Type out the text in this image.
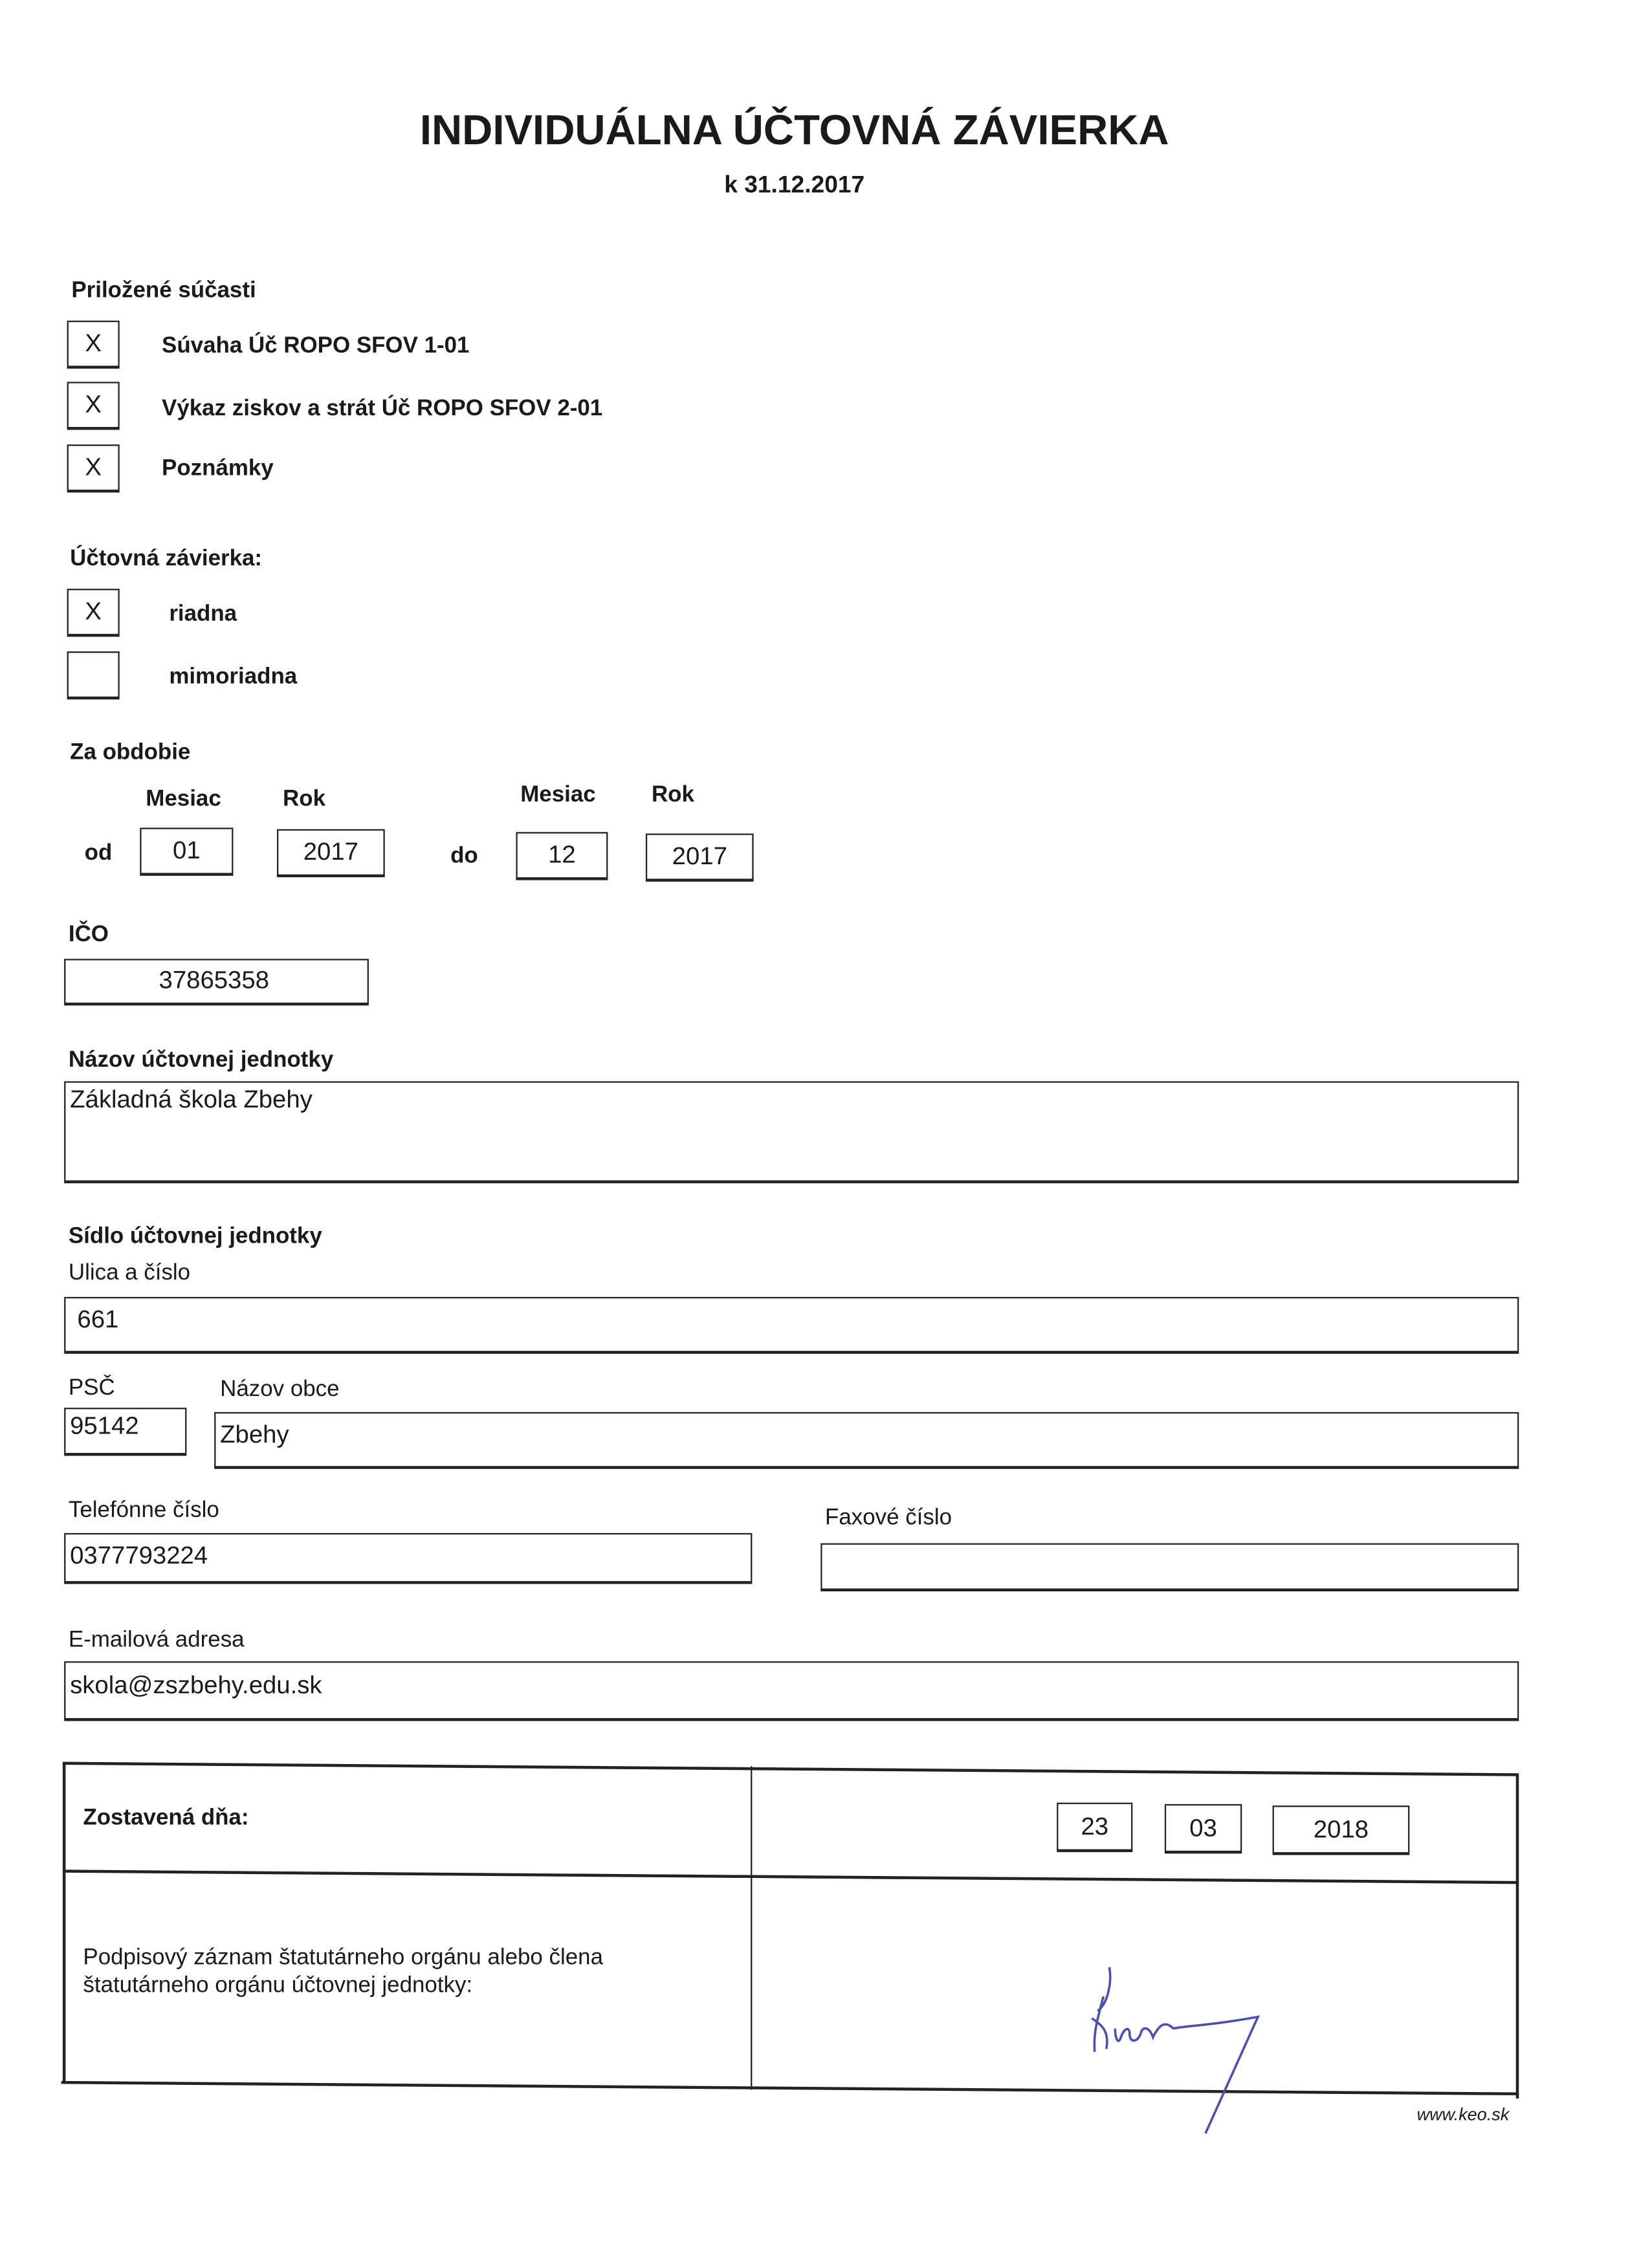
INDIVIDUÁLNA ÚČTOVNÁ ZÁVIERKA
k 31.12.2017
Priložené súčasti
X	Súvaha Úč ROPO SFOV 1-01
X	Výkaz ziskov a strát Úč ROPO SFOV 2-01
X	Poznámky
Účtovná závierka:
X	riadna
mimoriadna
Za obdobie
Mesiac	Rok	Mesiac	Rok
od	01	2017	do	12	2017
IČO
37865358
Názov účtovnej jednotky
Základná škola Zbehy
Sídlo účtovnej jednotky
Ulica a číslo
661
PSČ	Názov obce
95142	Zbehy
Telefónne číslo
0377793224
Faxové číslo
E-mailová adresa
skola@zszbehy.edu.sk
Zostavená dňa:	23	03	2018
Podpisový záznam štatutárneho orgánu alebo člena
štatutárneho orgánu účtovnej jednotky:
www.keo.sk
